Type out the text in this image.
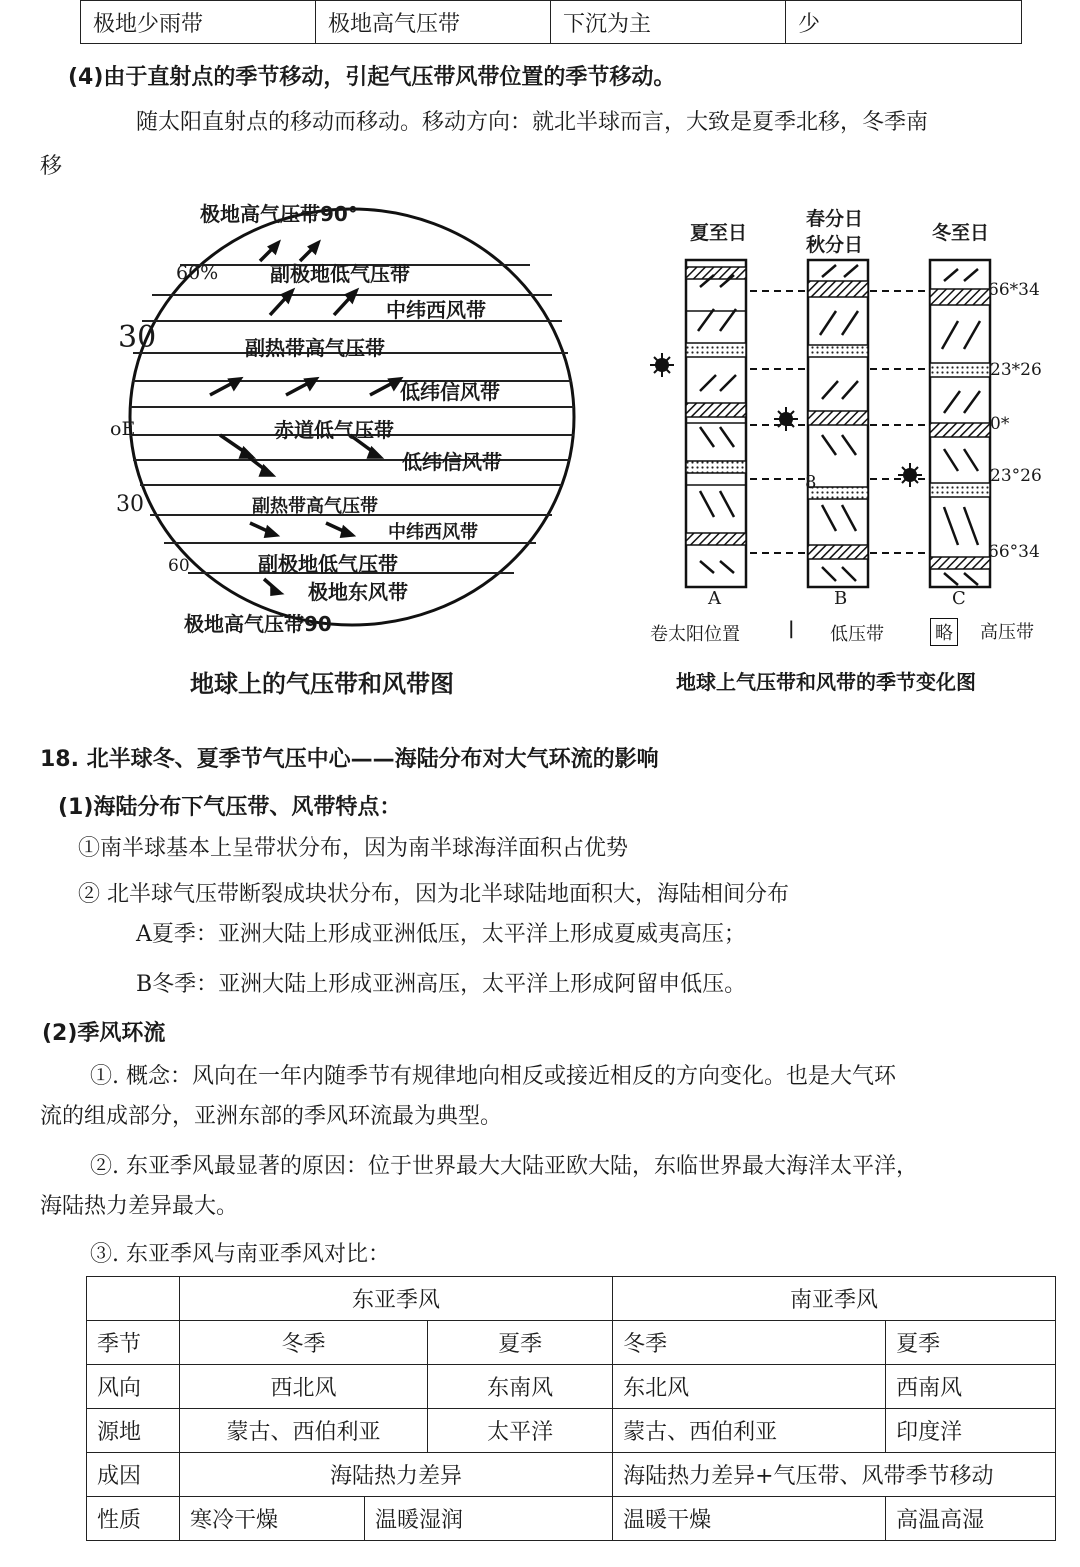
极地少雨带	极地高气压带	下沉为主	少
(4)由于直射点的季节移动，引起气压带风带位置的季节移动。
随太阳直射点的移动而移动。移动方向：就北半球而言，大致是夏季北移，冬季南
移
极地高气压带90°
副极地低气压带
中纬西风带
副热带高气压带
低纬信风带
赤道低气压带
低纬信风带
副热带高气压带
中纬西风带
副极地低气压带
极地东风带
极地高气压带90
60%
30
oE
30
60
地球上的气压带和风带图
夏至日
春分日
秋分日
冬至日
66*34
23*26
0*
23°26
66°34
8
A	B	C
卷太阳位置	| 低压带	略 高压带
地球上气压带和风带的季节变化图
18. 北半球冬、夏季节气压中心——海陆分布对大气环流的影响
(1)海陆分布下气压带、风带特点：
①南半球基本上呈带状分布，因为南半球海洋面积占优势
② 北半球气压带断裂成块状分布，因为北半球陆地面积大，海陆相间分布
A夏季：亚洲大陆上形成亚洲低压，太平洋上形成夏威夷高压；
B冬季：亚洲大陆上形成亚洲高压，太平洋上形成阿留申低压。
(2)季风环流
①. 概念：风向在一年内随季节有规律地向相反或接近相反的方向变化。也是大气环
流的组成部分，亚洲东部的季风环流最为典型。
②. 东亚季风最显著的原因：位于世界最大大陆亚欧大陆，东临世界最大海洋太平洋，
海陆热力差异最大。
③. 东亚季风与南亚季风对比：
	东亚季风			南亚季风	
季节	冬季		夏季	冬季	夏季
风向	西北风		东南风	东北风	西南风
源地	蒙古、西伯利亚		太平洋	蒙古、西伯利亚	印度洋
成因	海陆热力差异			海陆热力差异+气压带、风带季节移动	
性质	寒冷干燥	温暖湿润		温暖干燥	高温高湿
